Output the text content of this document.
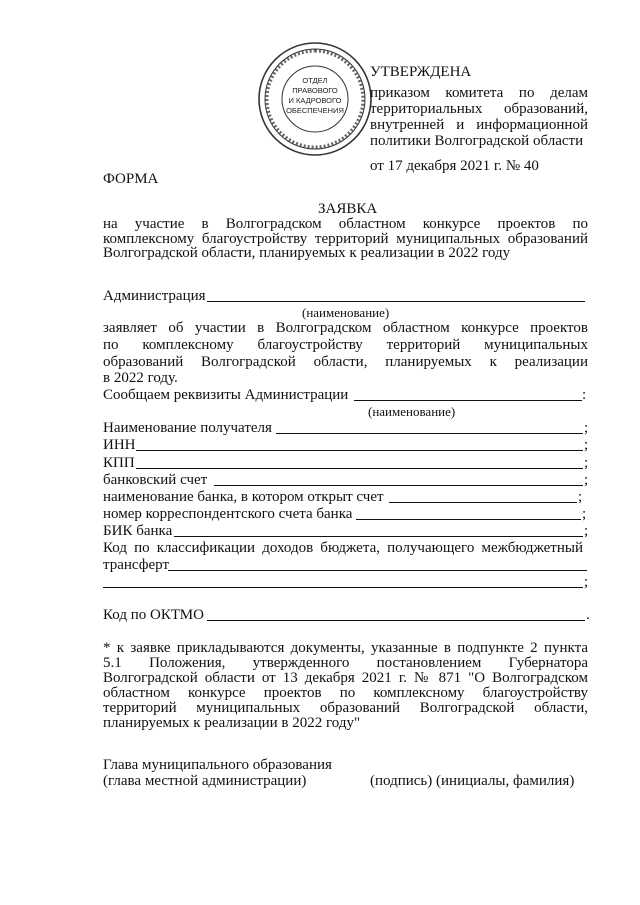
ОТДЕЛ
ПРАВОВОГО
И КАДРОВОГО
ОБЕСПЕЧЕНИЯ
УТВЕРЖДЕНА
приказом комитета по делам
территориальных образований,
внутренней и информационной
политики Волгоградской области
от 17 декабря 2021 г. № 40
ФОРМА
ЗАЯВКА
на участие в Волгоградском областном конкурсе проектов по
комплексному благоустройству территорий муниципальных образований
Волгоградской области, планируемых к реализации в 2022 году
Администрация
(наименование)
заявляет об участии в Волгоградском областном конкурсе проектов
по комплексному благоустройству территорий муниципальных
образований Волгоградской области, планируемых к реализации
в 2022 году.
Сообщаем реквизиты Администрации	:
(наименование)
Наименование получателя	;
ИНН	;
КПП	;
банковский счет	;
наименование банка, в котором открыт счет	;
номер корреспондентского счета банка	;
БИК банка	;
Код по классификации доходов бюджета, получающего межбюджетный
трансферт
;
Код по ОКТМО	.
* к заявке прикладываются документы, указанные в подпункте 2 пункта
5.1 Положения, утвержденного постановлением Губернатора
Волгоградской области от 13 декабря 2021 г. № 871 "О Волгоградском
областном конкурсе проектов по комплексному благоустройству
территорий муниципальных образований Волгоградской области,
планируемых к реализации в 2022 году"
Глава муниципального образования
(глава местной администрации)	(подпись) (инициалы, фамилия)
